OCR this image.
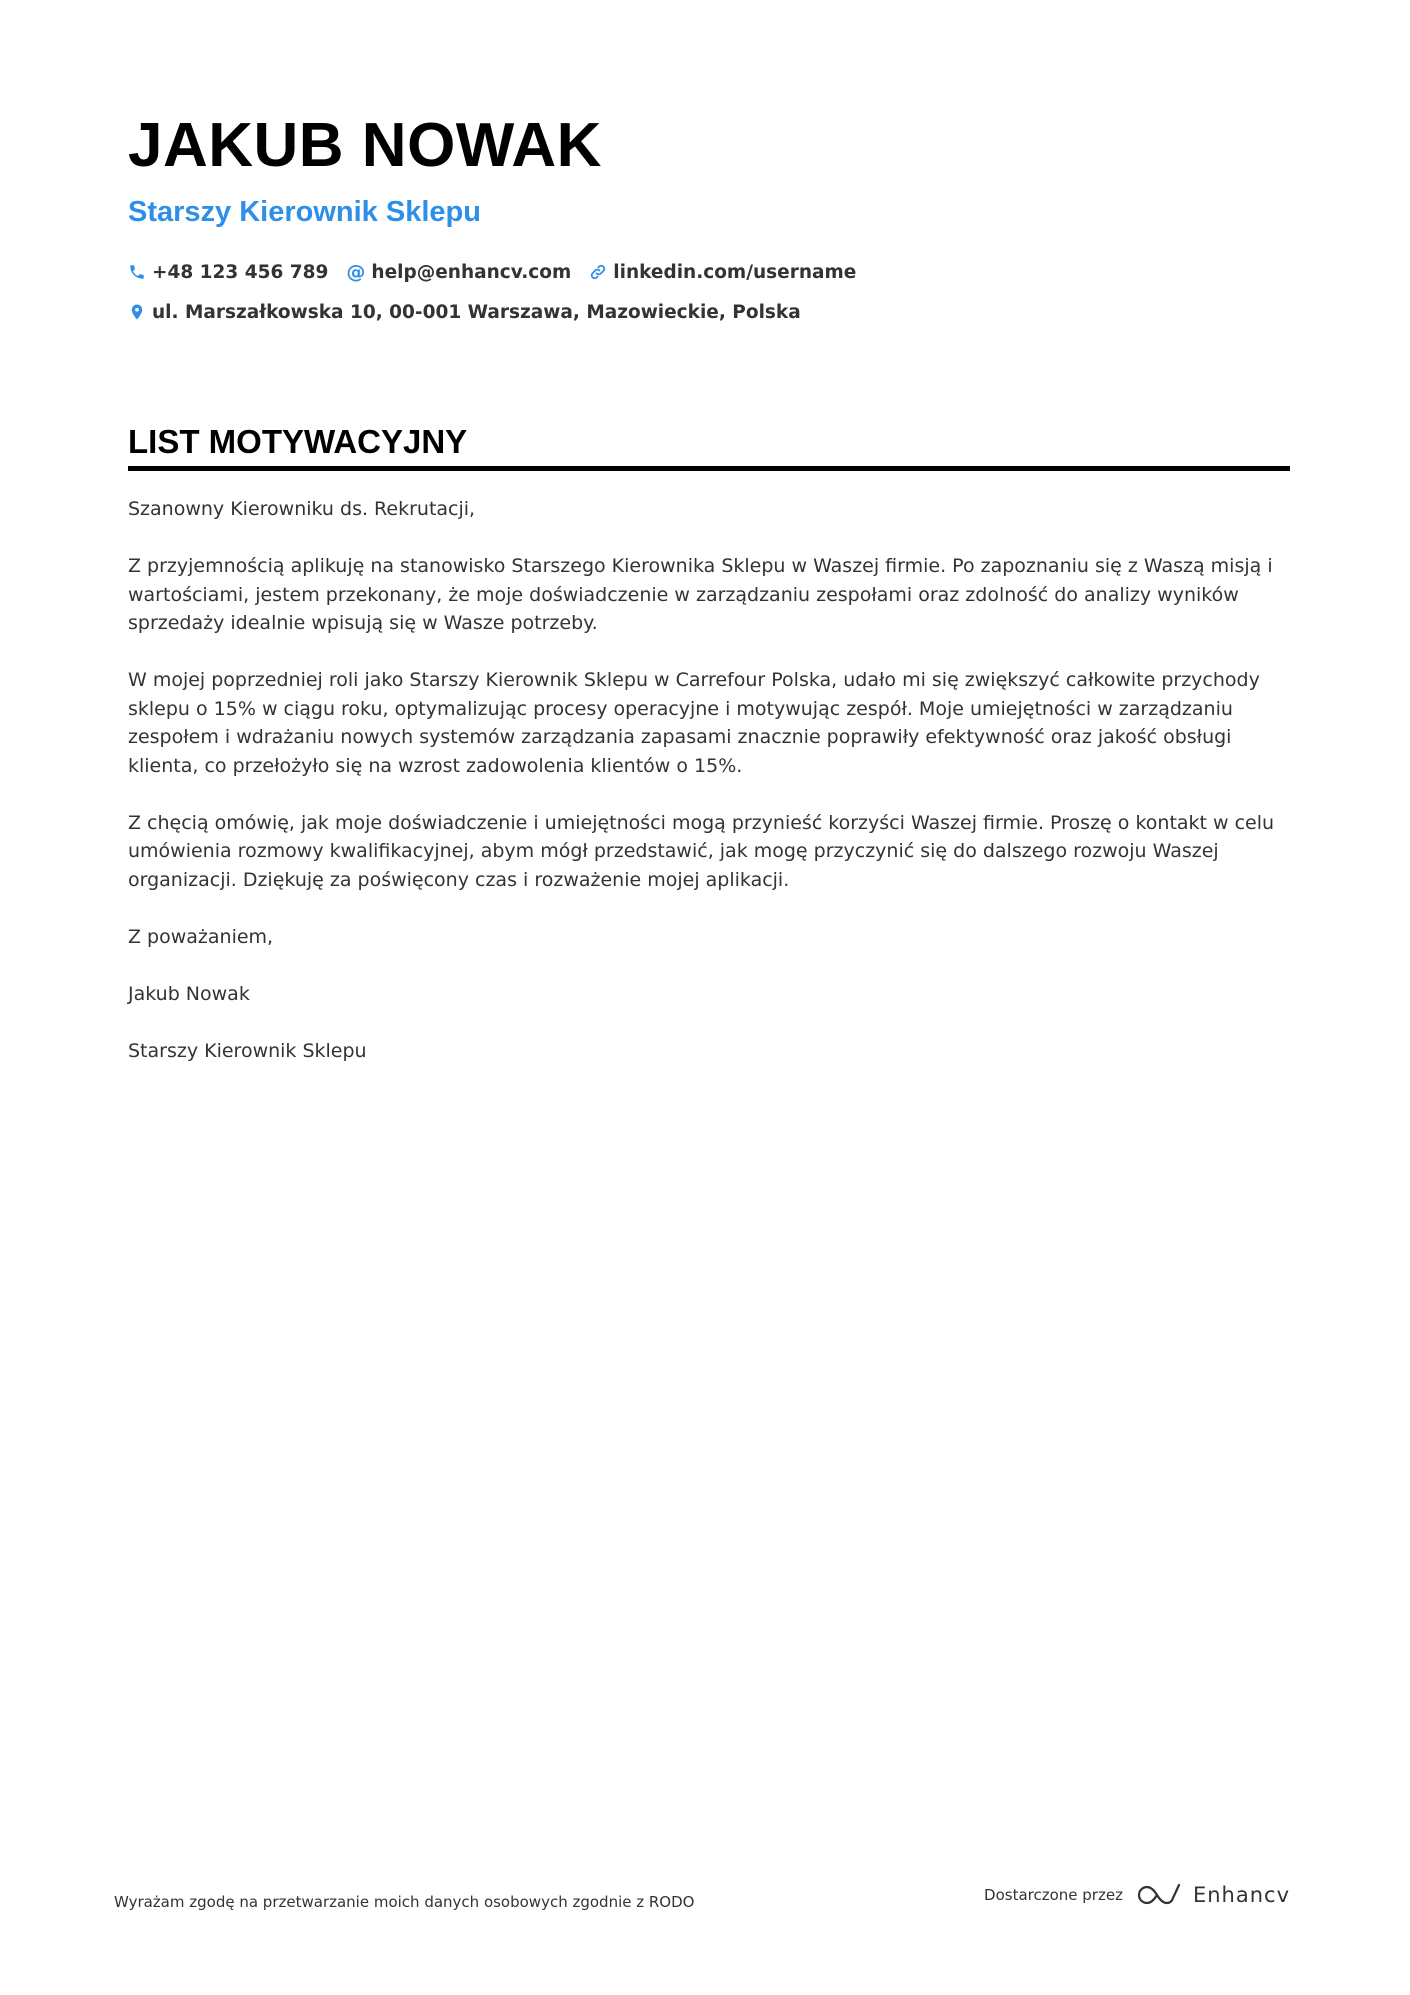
JAKUB NOWAK
Starszy Kierownik Sklepu
+48 123 456 789 @ help@enhancv.com linkedin.com/username
ul. Marszałkowska 10, 00-001 Warszawa, Mazowieckie, Polska
LIST MOTYWACYJNY

Szanowny Kierowniku ds. Rekrutacji,

Z przyjemnością aplikuję na stanowisko Starszego Kierownika Sklepu w Waszej firmie. Po zapoznaniu się z Waszą misją i wartościami, jestem przekonany, że moje doświadczenie w zarządzaniu zespołami oraz zdolność do analizy wyników sprzedaży idealnie wpisują się w Wasze potrzeby.

W mojej poprzedniej roli jako Starszy Kierownik Sklepu w Carrefour Polska, udało mi się zwiększyć całkowite przychody sklepu o 15% w ciągu roku, optymalizując procesy operacyjne i motywując zespół. Moje umiejętności w zarządzaniu zespołem i wdrażaniu nowych systemów zarządzania zapasami znacznie poprawiły efektywność oraz jakość obsługi klienta, co przełożyło się na wzrost zadowolenia klientów o 15%.

Z chęcią omówię, jak moje doświadczenie i umiejętności mogą przynieść korzyści Waszej firmie. Proszę o kontakt w celu umówienia rozmowy kwalifikacyjnej, abym mógł przedstawić, jak mogę przyczynić się do dalszego rozwoju Waszej organizacji. Dziękuję za poświęcony czas i rozważenie mojej aplikacji.

Z poważaniem,

Jakub Nowak

Starszy Kierownik Sklepu

Wyrażam zgodę na przetwarzanie moich danych osobowych zgodnie z RODO	Dostarczone przez	Enhancv
